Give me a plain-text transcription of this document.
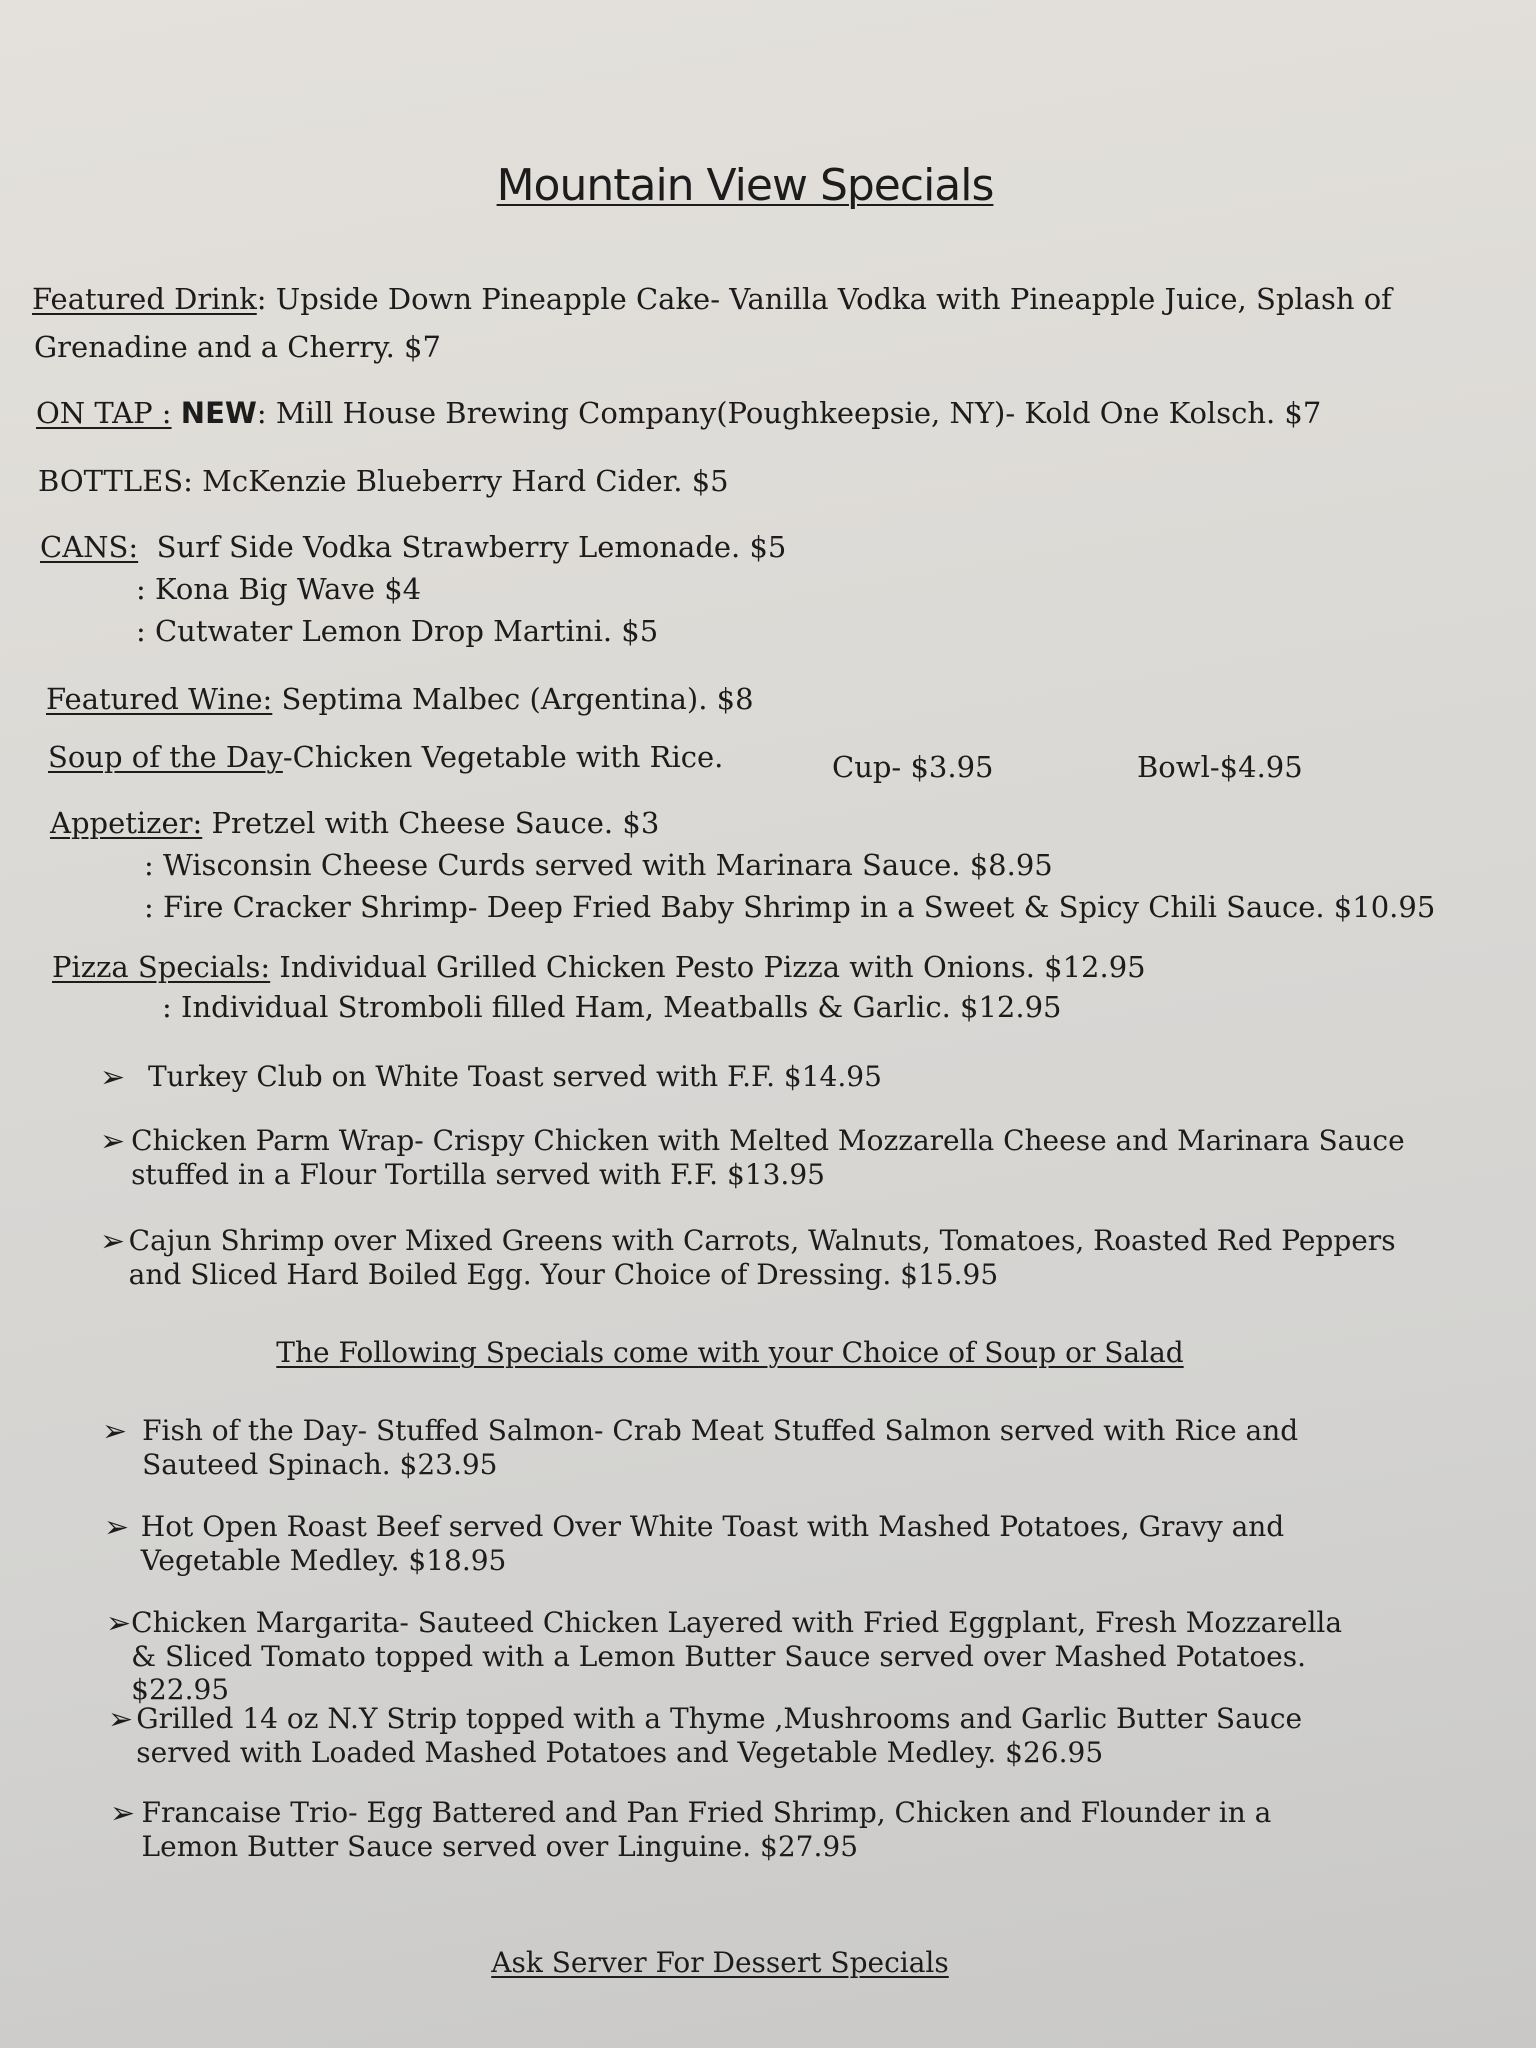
Mountain View Specials
Featured Drink: Upside Down Pineapple Cake- Vanilla Vodka with Pineapple Juice, Splash of
Grenadine and a Cherry. $7
ON TAP : NEW: Mill House Brewing Company(Poughkeepsie, NY)- Kold One Kolsch. $7
BOTTLES: McKenzie Blueberry Hard Cider. $5
CANS: Surf Side Vodka Strawberry Lemonade. $5
: Kona Big Wave $4
: Cutwater Lemon Drop Martini. $5
Featured Wine: Septima Malbec (Argentina). $8
Soup of the Day-Chicken Vegetable with Rice.	Cup- $3.95	Bowl-$4.95
Appetizer: Pretzel with Cheese Sauce. $3
: Wisconsin Cheese Curds served with Marinara Sauce. $8.95
: Fire Cracker Shrimp- Deep Fried Baby Shrimp in a Sweet & Spicy Chili Sauce. $10.95
Pizza Specials: Individual Grilled Chicken Pesto Pizza with Onions. $12.95
: Individual Stromboli filled Ham, Meatballs & Garlic. $12.95
➢ Turkey Club on White Toast served with F.F. $14.95
➢ Chicken Parm Wrap- Crispy Chicken with Melted Mozzarella Cheese and Marinara Sauce stuffed in a Flour Tortilla served with F.F. $13.95
➢ Cajun Shrimp over Mixed Greens with Carrots, Walnuts, Tomatoes, Roasted Red Peppers and Sliced Hard Boiled Egg. Your Choice of Dressing. $15.95
The Following Specials come with your Choice of Soup or Salad
➢ Fish of the Day- Stuffed Salmon- Crab Meat Stuffed Salmon served with Rice and Sauteed Spinach. $23.95
➢ Hot Open Roast Beef served Over White Toast with Mashed Potatoes, Gravy and Vegetable Medley. $18.95
➢ Chicken Margarita- Sauteed Chicken Layered with Fried Eggplant, Fresh Mozzarella & Sliced Tomato topped with a Lemon Butter Sauce served over Mashed Potatoes. $22.95
➢ Grilled 14 oz N.Y Strip topped with a Thyme ,Mushrooms and Garlic Butter Sauce served with Loaded Mashed Potatoes and Vegetable Medley. $26.95
➢ Francaise Trio- Egg Battered and Pan Fried Shrimp, Chicken and Flounder in a Lemon Butter Sauce served over Linguine. $27.95
Ask Server For Dessert Specials
